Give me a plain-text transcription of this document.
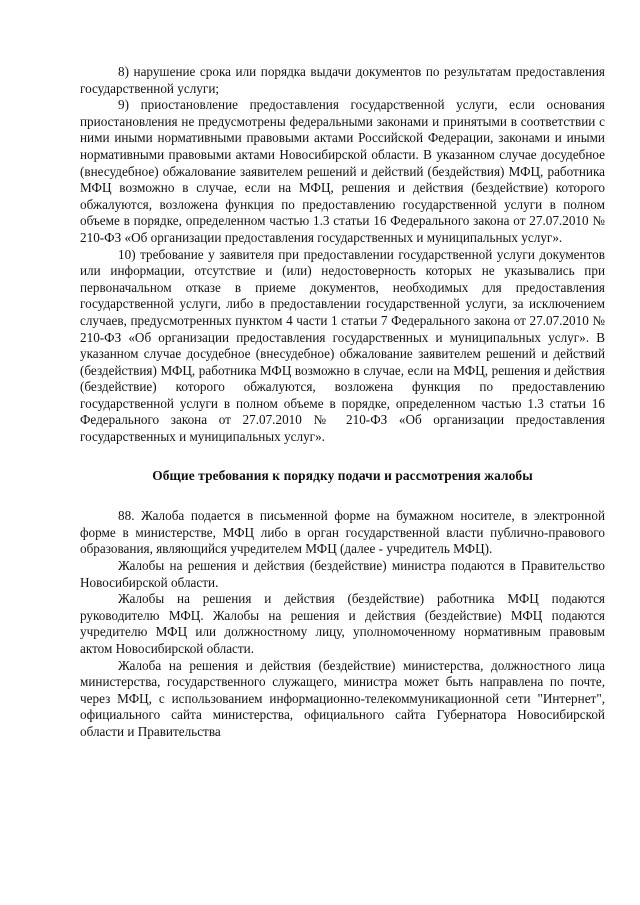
8) нарушение срока или порядка выдачи документов по результатам предоставления государственной услуги;

9) приостановление предоставления государственной услуги, если основания приостановления не предусмотрены федеральными законами и принятыми в соответствии с ними иными нормативными правовыми актами Российской Федерации, законами и иными нормативными правовыми актами Новосибирской области. В указанном случае досудебное (внесудебное) обжалование заявителем решений и действий (бездействия) МФЦ, работника МФЦ возможно в случае, если на МФЦ, решения и действия (бездействие) которого обжалуются, возложена функция по предоставлению государственной услуги в полном объеме в порядке, определенном частью 1.3 статьи 16 Федерального закона от 27.07.2010 № 210-ФЗ «Об организации предоставления государственных и муниципальных услуг».

10) требование у заявителя при предоставлении государственной услуги документов или информации, отсутствие и (или) недостоверность которых не указывались при первоначальном отказе в приеме документов, необходимых для предоставления государственной услуги, либо в предоставлении государственной услуги, за исключением случаев, предусмотренных пунктом 4 части 1 статьи 7 Федерального закона от 27.07.2010 № 210-ФЗ «Об организации предоставления государственных и муниципальных услуг». В указанном случае досудебное (внесудебное) обжалование заявителем решений и действий (бездействия) МФЦ, работника МФЦ возможно в случае, если на МФЦ, решения и действия (бездействие) которого обжалуются, возложена функция по предоставлению государственной услуги в полном объеме в порядке, определенном частью 1.3 статьи 16 Федерального закона от 27.07.2010 № 210-ФЗ «Об организации предоставления государственных и муниципальных услуг».

Общие требования к порядку подачи и рассмотрения жалобы

88. Жалоба подается в письменной форме на бумажном носителе, в электронной форме в министерстве, МФЦ либо в орган государственной власти публично-правового образования, являющийся учредителем МФЦ (далее - учредитель МФЦ).

Жалобы на решения и действия (бездействие) министра подаются в Правительство Новосибирской области.

Жалобы на решения и действия (бездействие) работника МФЦ подаются руководителю МФЦ. Жалобы на решения и действия (бездействие) МФЦ подаются учредителю МФЦ или должностному лицу, уполномоченному нормативным правовым актом Новосибирской области.

Жалоба на решения и действия (бездействие) министерства, должностного лица министерства, государственного служащего, министра может быть направлена по почте, через МФЦ, с использованием информационно-телекоммуникационной сети "Интернет", официального сайта министерства, официального сайта Губернатора Новосибирской области и Правительства
